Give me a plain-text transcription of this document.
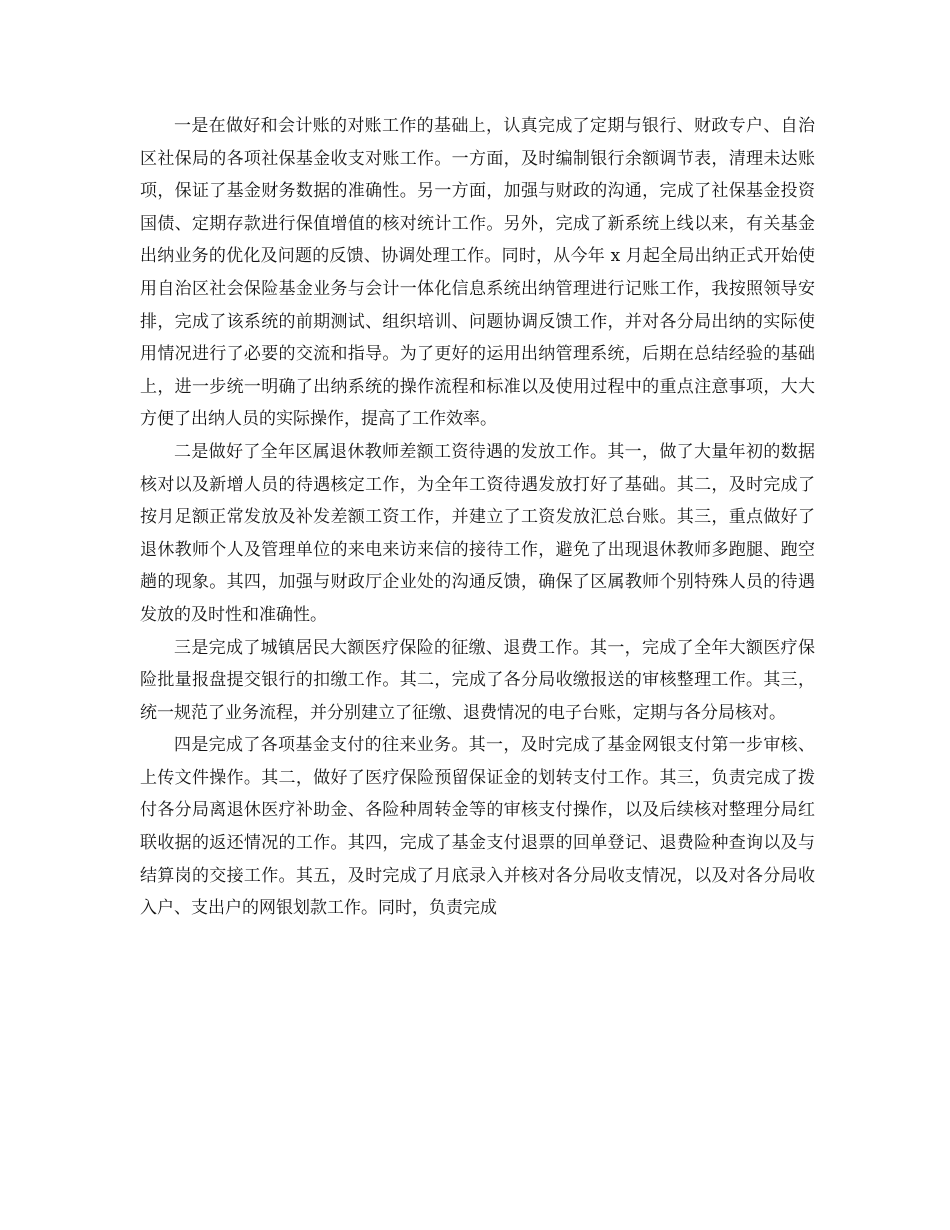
一是在做好和会计账的对账工作的基础上，认真完成了定期与银行、财政专户、自治区社保局的各项社保基金收支对账工作。一方面，及时编制银行余额调节表，清理未达账项，保证了基金财务数据的准确性。另一方面，加强与财政的沟通，完成了社保基金投资国债、定期存款进行保值增值的核对统计工作。另外，完成了新系统上线以来，有关基金出纳业务的优化及问题的反馈、协调处理工作。同时，从今年 x 月起全局出纳正式开始使用自治区社会保险基金业务与会计一体化信息系统出纳管理进行记账工作，我按照领导安排，完成了该系统的前期测试、组织培训、问题协调反馈工作，并对各分局出纳的实际使用情况进行了必要的交流和指导。为了更好的运用出纳管理系统，后期在总结经验的基础上，进一步统一明确了出纳系统的操作流程和标准以及使用过程中的重点注意事项，大大方便了出纳人员的实际操作，提高了工作效率。

二是做好了全年区属退休教师差额工资待遇的发放工作。其一，做了大量年初的数据核对以及新增人员的待遇核定工作，为全年工资待遇发放打好了基础。其二，及时完成了按月足额正常发放及补发差额工资工作，并建立了工资发放汇总台账。其三，重点做好了退休教师个人及管理单位的来电来访来信的接待工作，避免了出现退休教师多跑腿、跑空趟的现象。其四，加强与财政厅企业处的沟通反馈，确保了区属教师个别特殊人员的待遇发放的及时性和准确性。

三是完成了城镇居民大额医疗保险的征缴、退费工作。其一，完成了全年大额医疗保险批量报盘提交银行的扣缴工作。其二，完成了各分局收缴报送的审核整理工作。其三，统一规范了业务流程，并分别建立了征缴、退费情况的电子台账，定期与各分局核对。

四是完成了各项基金支付的往来业务。其一，及时完成了基金网银支付第一步审核、上传文件操作。其二，做好了医疗保险预留保证金的划转支付工作。其三，负责完成了拨付各分局离退休医疗补助金、各险种周转金等的审核支付操作，以及后续核对整理分局红联收据的返还情况的工作。其四，完成了基金支付退票的回单登记、退费险种查询以及与结算岗的交接工作。其五，及时完成了月底录入并核对各分局收支情况，以及对各分局收入户、支出户的网银划款工作。同时，负责完成
